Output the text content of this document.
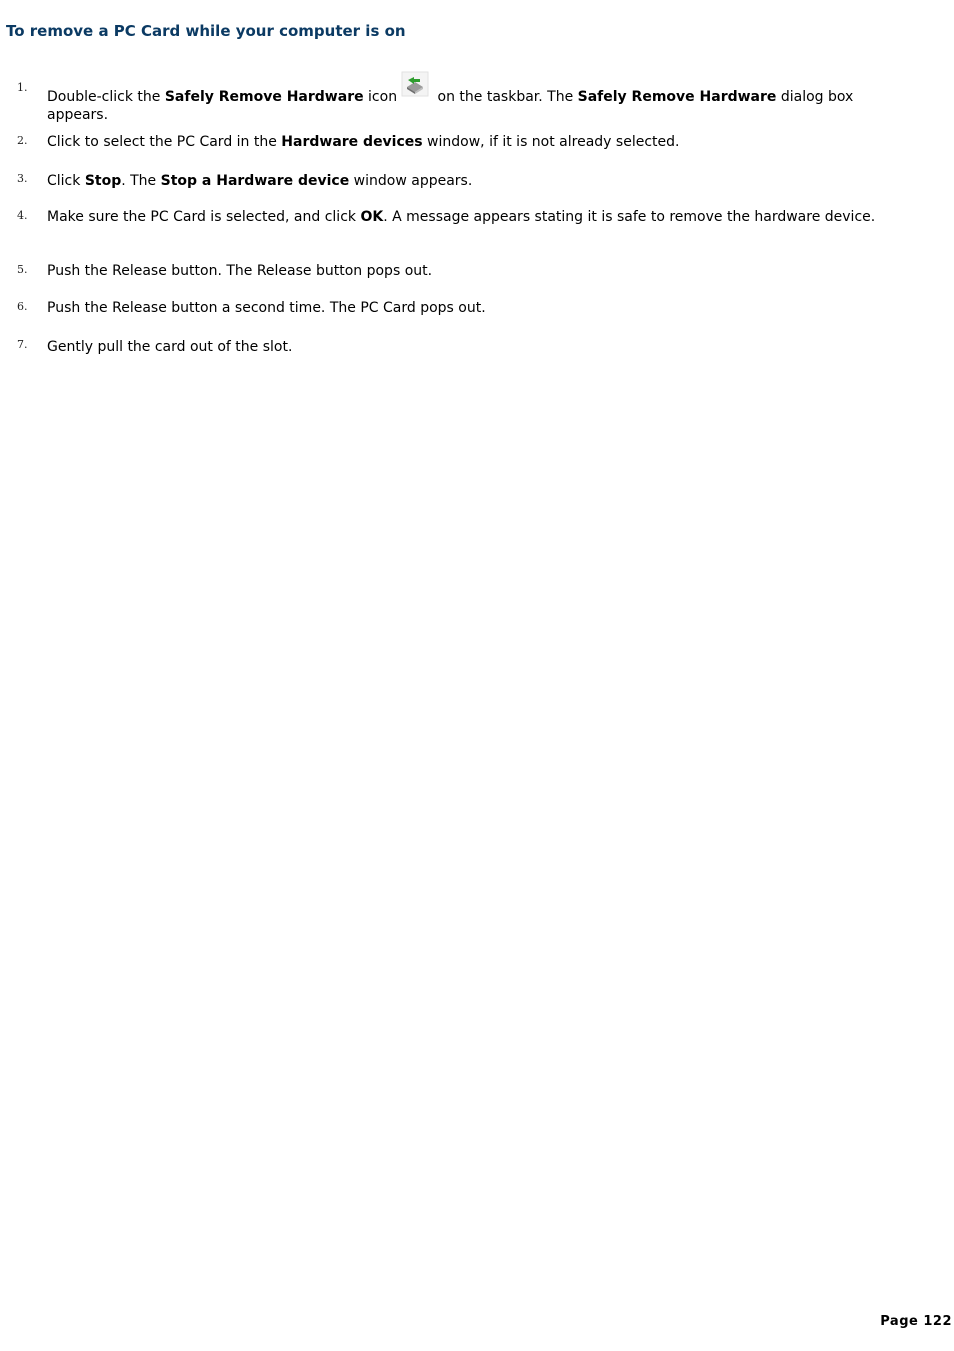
To remove a PC Card while your computer is on
1.
Double-click the Safely Remove Hardware icon	on the taskbar. The Safely Remove Hardware dialog box appears.
2. Click to select the PC Card in the Hardware devices window, if it is not already selected.
3. Click Stop. The Stop a Hardware device window appears.
4. Make sure the PC Card is selected, and click OK. A message appears stating it is safe to remove the hardware device.
5. Push the Release button. The Release button pops out.
6. Push the Release button a second time. The PC Card pops out.
7. Gently pull the card out of the slot.
Page 122
